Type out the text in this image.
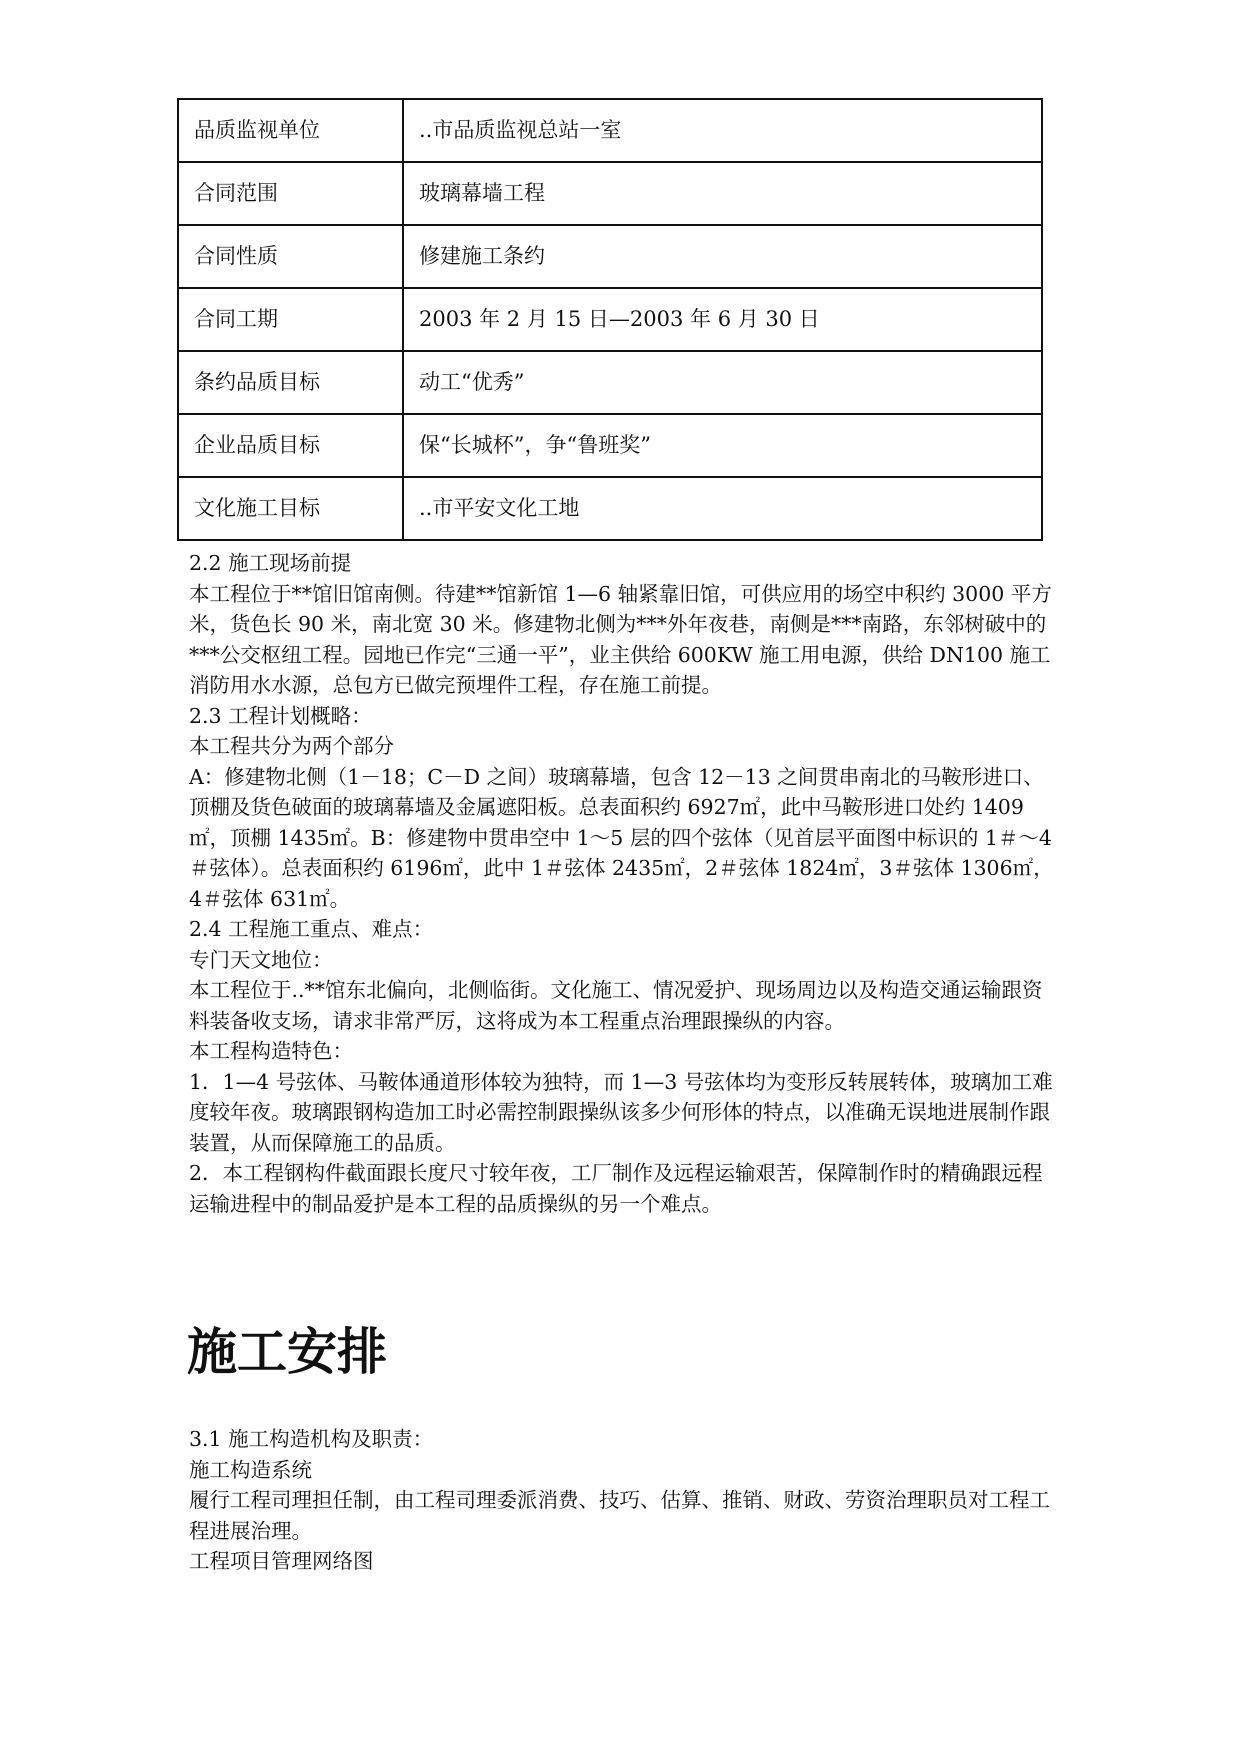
品质监视单位	..市品质监视总站一室
合同范围	玻璃幕墙工程
合同性质	修建施工条约
合同工期	2003 年 2 月 15 日—2003 年 6 月 30 日
条约品质目标	动工“优秀”
企业品质目标	保“长城杯”，争“鲁班奖”
文化施工目标	..市平安文化工地

2.2 施工现场前提

本工程位于**馆旧馆南侧。待建**馆新馆 1—6 轴紧靠旧馆，可供应用的场空中积约 3000 平方米，货色长 90 米，南北宽 30 米。修建物北侧为***外年夜巷，南侧是***南路，东邻树破中的***公交枢纽工程。园地已作完“三通一平”，业主供给 600KW 施工用电源，供给 DN100 施工消防用水水源，总包方已做完预埋件工程，存在施工前提。

2.3 工程计划概略：

本工程共分为两个部分

A：修建物北侧（1－18；C－D 之间）玻璃幕墙，包含 12－13 之间贯串南北的马鞍形进口、顶棚及货色破面的玻璃幕墙及金属遮阳板。总表面积约 6927㎡，此中马鞍形进口处约 1409 ㎡，顶棚 1435㎡。B：修建物中贯串空中 1～5 层的四个弦体（见首层平面图中标识的 1＃～4＃弦体）。总表面积约 6196㎡，此中 1＃弦体 2435㎡，2＃弦体 1824㎡，3＃弦体 1306㎡，4＃弦体 631㎡。

2.4 工程施工重点、难点：

专门天文地位：

本工程位于..**馆东北偏向，北侧临街。文化施工、情况爱护、现场周边以及构造交通运输跟资料装备收支场，请求非常严厉，这将成为本工程重点治理跟操纵的内容。

本工程构造特色：

1．1—4 号弦体、马鞍体通道形体较为独特，而 1—3 号弦体均为变形反转展转体，玻璃加工难度较年夜。玻璃跟钢构造加工时必需控制跟操纵该多少何形体的特点，以准确无误地进展制作跟装置，从而保障施工的品质。

2．本工程钢构件截面跟长度尺寸较年夜，工厂制作及远程运输艰苦，保障制作时的精确跟远程运输进程中的制品爱护是本工程的品质操纵的另一个难点。

施工安排

3.1 施工构造机构及职责：

施工构造系统

履行工程司理担任制，由工程司理委派消费、技巧、估算、推销、财政、劳资治理职员对工程工程进展治理。

工程项目管理网络图
